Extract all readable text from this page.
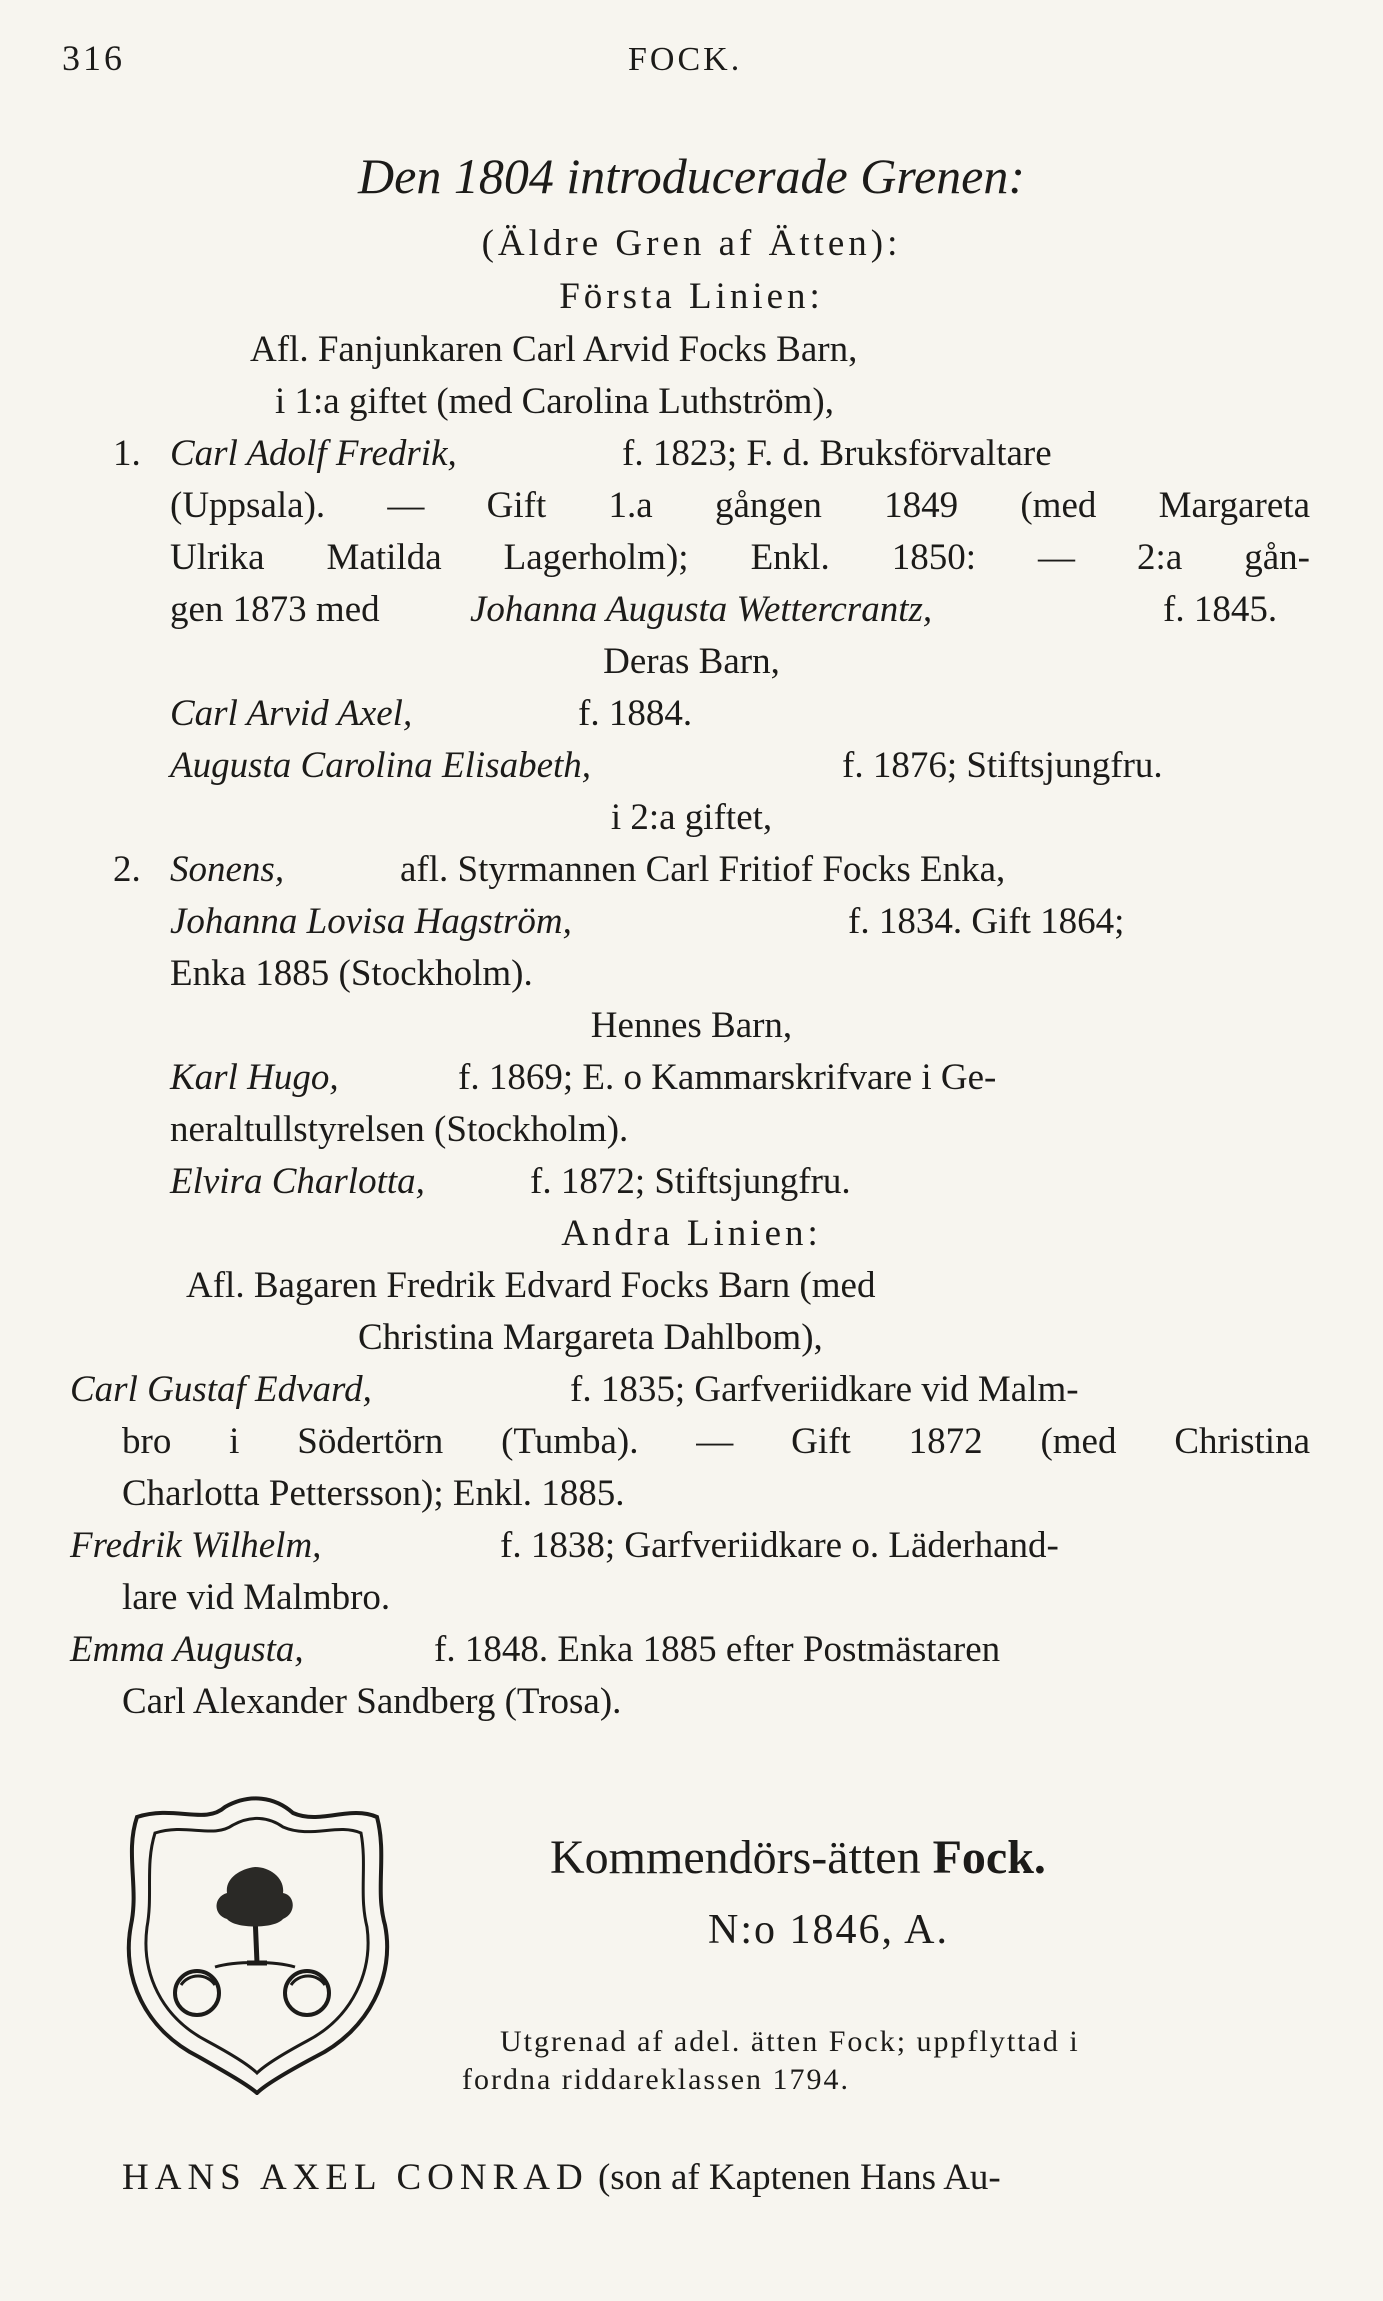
316	FOCK.
Den 1804 introducerade Grenen:
(Äldre Gren af Ätten):
Första Linien:
Afl. Fanjunkaren Carl Arvid Focks Barn,
i 1:a giftet (med Carolina Luthström),
1. Carl Adolf Fredrik,	f. 1823; F. d. Bruksförvaltare
(Uppsala). — Gift 1.a gången 1849 (med Margareta
Ulrika Matilda Lagerholm); Enkl. 1850: — 2:a gån-
gen 1873 med Johanna Augusta Wettercrantz,	f. 1845.
Deras Barn,
Carl Arvid Axel,	f. 1884.
Augusta Carolina Elisabeth,	f. 1876; Stiftsjungfru.
i 2:a giftet,
2. Sonens,	afl. Styrmannen Carl Fritiof Focks Enka,
Johanna Lovisa Hagström,	f. 1834. Gift 1864;
Enka 1885 (Stockholm).
Hennes Barn,
Karl Hugo,	f. 1869; E. o Kammarskrifvare i Ge-
neraltullstyrelsen (Stockholm).
Elvira Charlotta,	f. 1872; Stiftsjungfru.
Andra Linien:
Afl. Bagaren Fredrik Edvard Focks Barn (med
Christina Margareta Dahlbom),
Carl Gustaf Edvard,	f. 1835; Garfveriidkare vid Malm-
bro i Södertörn (Tumba). — Gift 1872 (med Christina
Charlotta Pettersson); Enkl. 1885.
Fredrik Wilhelm,	f. 1838; Garfveriidkare o. Läderhand-
lare vid Malmbro.
Emma Augusta,	f. 1848. Enka 1885 efter Postmästaren
Carl Alexander Sandberg (Trosa).
Kommendörs-ätten Fock.
N:o 1846, A.
Utgrenad af adel. ätten Fock; uppflyttad i
fordna riddareklassen 1794.
HANS AXEL CONRAD (son af Kaptenen Hans Au-
